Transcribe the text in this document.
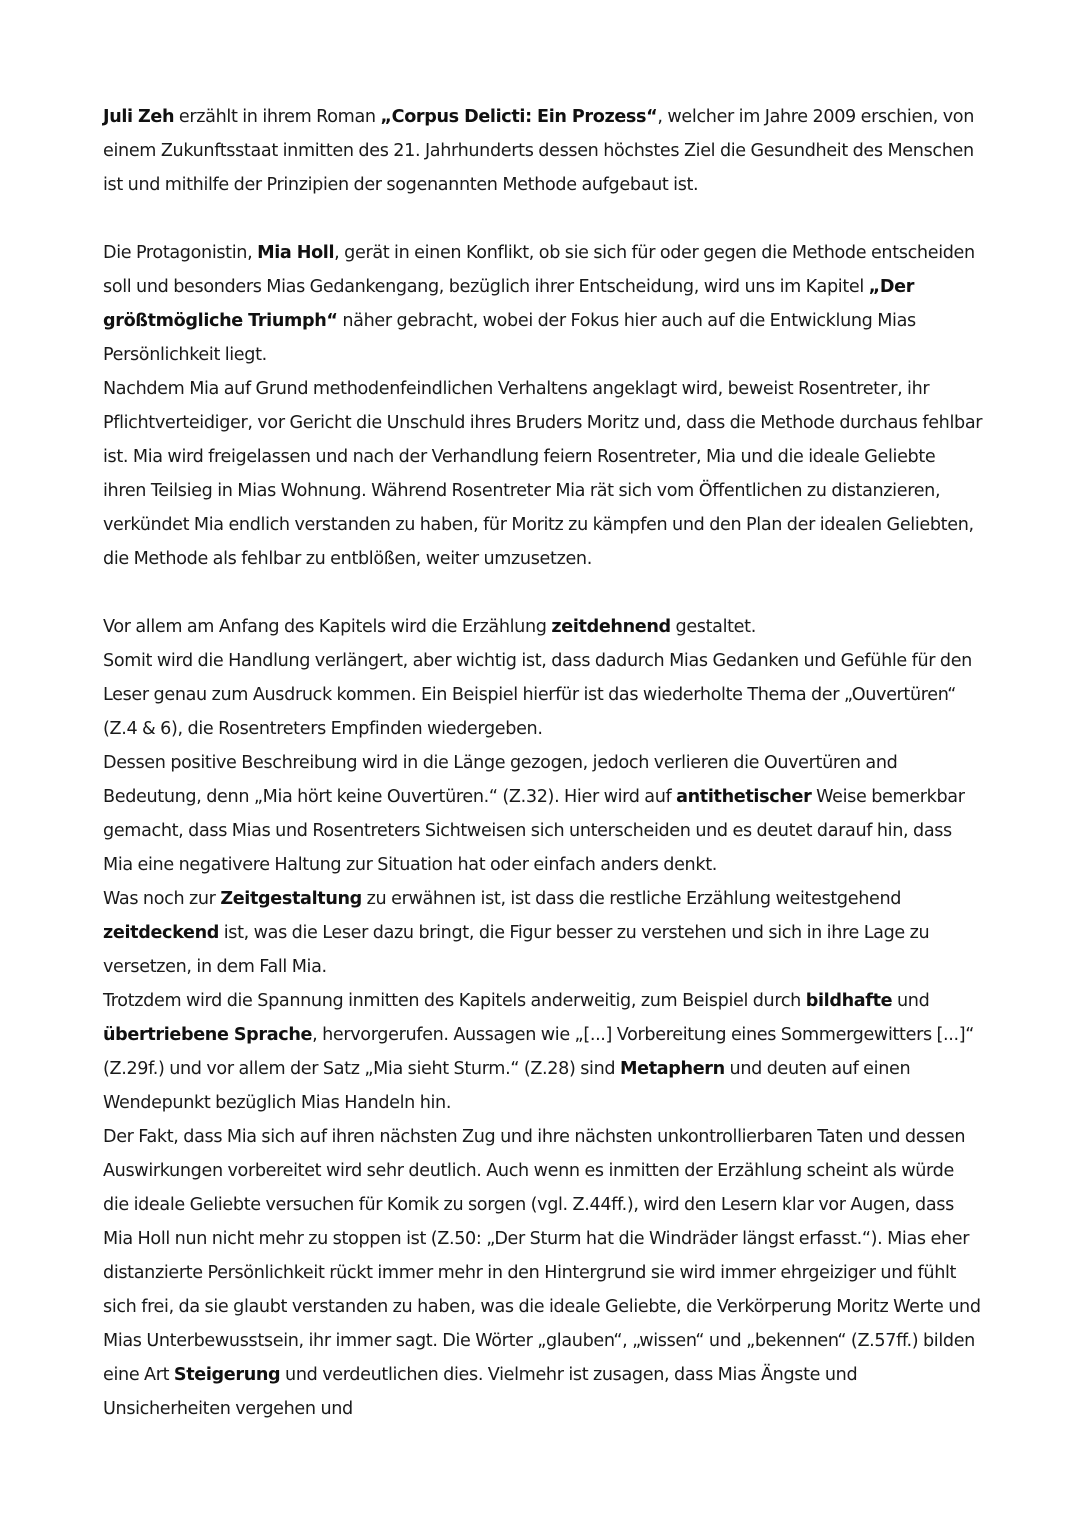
Juli Zeh erzählt in ihrem Roman „Corpus Delicti: Ein Prozess“, welcher im Jahre 2009 erschien, von einem Zukunftsstaat inmitten des 21. Jahrhunderts dessen höchstes Ziel die Gesundheit des Menschen ist und mithilfe der Prinzipien der sogenannten Methode aufgebaut ist.

Die Protagonistin, Mia Holl, gerät in einen Konflikt, ob sie sich für oder gegen die Methode entscheiden soll und besonders Mias Gedankengang, bezüglich ihrer Entscheidung, wird uns im Kapitel „Der größtmögliche Triumph“ näher gebracht, wobei der Fokus hier auch auf die Entwicklung Mias Persönlichkeit liegt.

Nachdem Mia auf Grund methodenfeindlichen Verhaltens angeklagt wird, beweist Rosentreter, ihr Pflichtverteidiger, vor Gericht die Unschuld ihres Bruders Moritz und, dass die Methode durchaus fehlbar ist. Mia wird freigelassen und nach der Verhandlung feiern Rosentreter, Mia und die ideale Geliebte ihren Teilsieg in Mias Wohnung. Während Rosentreter Mia rät sich vom Öffentlichen zu distanzieren, verkündet Mia endlich verstanden zu haben, für Moritz zu kämpfen und den Plan der idealen Geliebten, die Methode als fehlbar zu entblößen, weiter umzusetzen.

Vor allem am Anfang des Kapitels wird die Erzählung zeitdehnend gestaltet.

Somit wird die Handlung verlängert, aber wichtig ist, dass dadurch Mias Gedanken und Gefühle für den Leser genau zum Ausdruck kommen. Ein Beispiel hierfür ist das wiederholte Thema der „Ouvertüren“ (Z.4 & 6), die Rosentreters Empfinden wiedergeben.

Dessen positive Beschreibung wird in die Länge gezogen, jedoch verlieren die Ouvertüren and Bedeutung, denn „Mia hört keine Ouvertüren.“ (Z.32). Hier wird auf antithetischer Weise bemerkbar gemacht, dass Mias und Rosentreters Sichtweisen sich unterscheiden und es deutet darauf hin, dass Mia eine negativere Haltung zur Situation hat oder einfach anders denkt.

Was noch zur Zeitgestaltung zu erwähnen ist, ist dass die restliche Erzählung weitestgehend zeitdeckend ist, was die Leser dazu bringt, die Figur besser zu verstehen und sich in ihre Lage zu versetzen, in dem Fall Mia.

Trotzdem wird die Spannung inmitten des Kapitels anderweitig, zum Beispiel durch bildhafte und übertriebene Sprache, hervorgerufen. Aussagen wie „[...] Vorbereitung eines Sommergewitters [...]“ (Z.29f.) und vor allem der Satz „Mia sieht Sturm.“ (Z.28) sind Metaphern und deuten auf einen Wendepunkt bezüglich Mias Handeln hin.

Der Fakt, dass Mia sich auf ihren nächsten Zug und ihre nächsten unkontrollierbaren Taten und dessen Auswirkungen vorbereitet wird sehr deutlich. Auch wenn es inmitten der Erzählung scheint als würde die ideale Geliebte versuchen für Komik zu sorgen (vgl. Z.44ff.), wird den Lesern klar vor Augen, dass Mia Holl nun nicht mehr zu stoppen ist (Z.50: „Der Sturm hat die Windräder längst erfasst.“). Mias eher distanzierte Persönlichkeit rückt immer mehr in den Hintergrund sie wird immer ehrgeiziger und fühlt sich frei, da sie glaubt verstanden zu haben, was die ideale Geliebte, die Verkörperung Moritz Werte und Mias Unterbewusstsein, ihr immer sagt. Die Wörter „glauben“, „wissen“ und „bekennen“ (Z.57ff.) bilden eine Art Steigerung und verdeutlichen dies. Vielmehr ist zusagen, dass Mias Ängste und Unsicherheiten vergehen und
